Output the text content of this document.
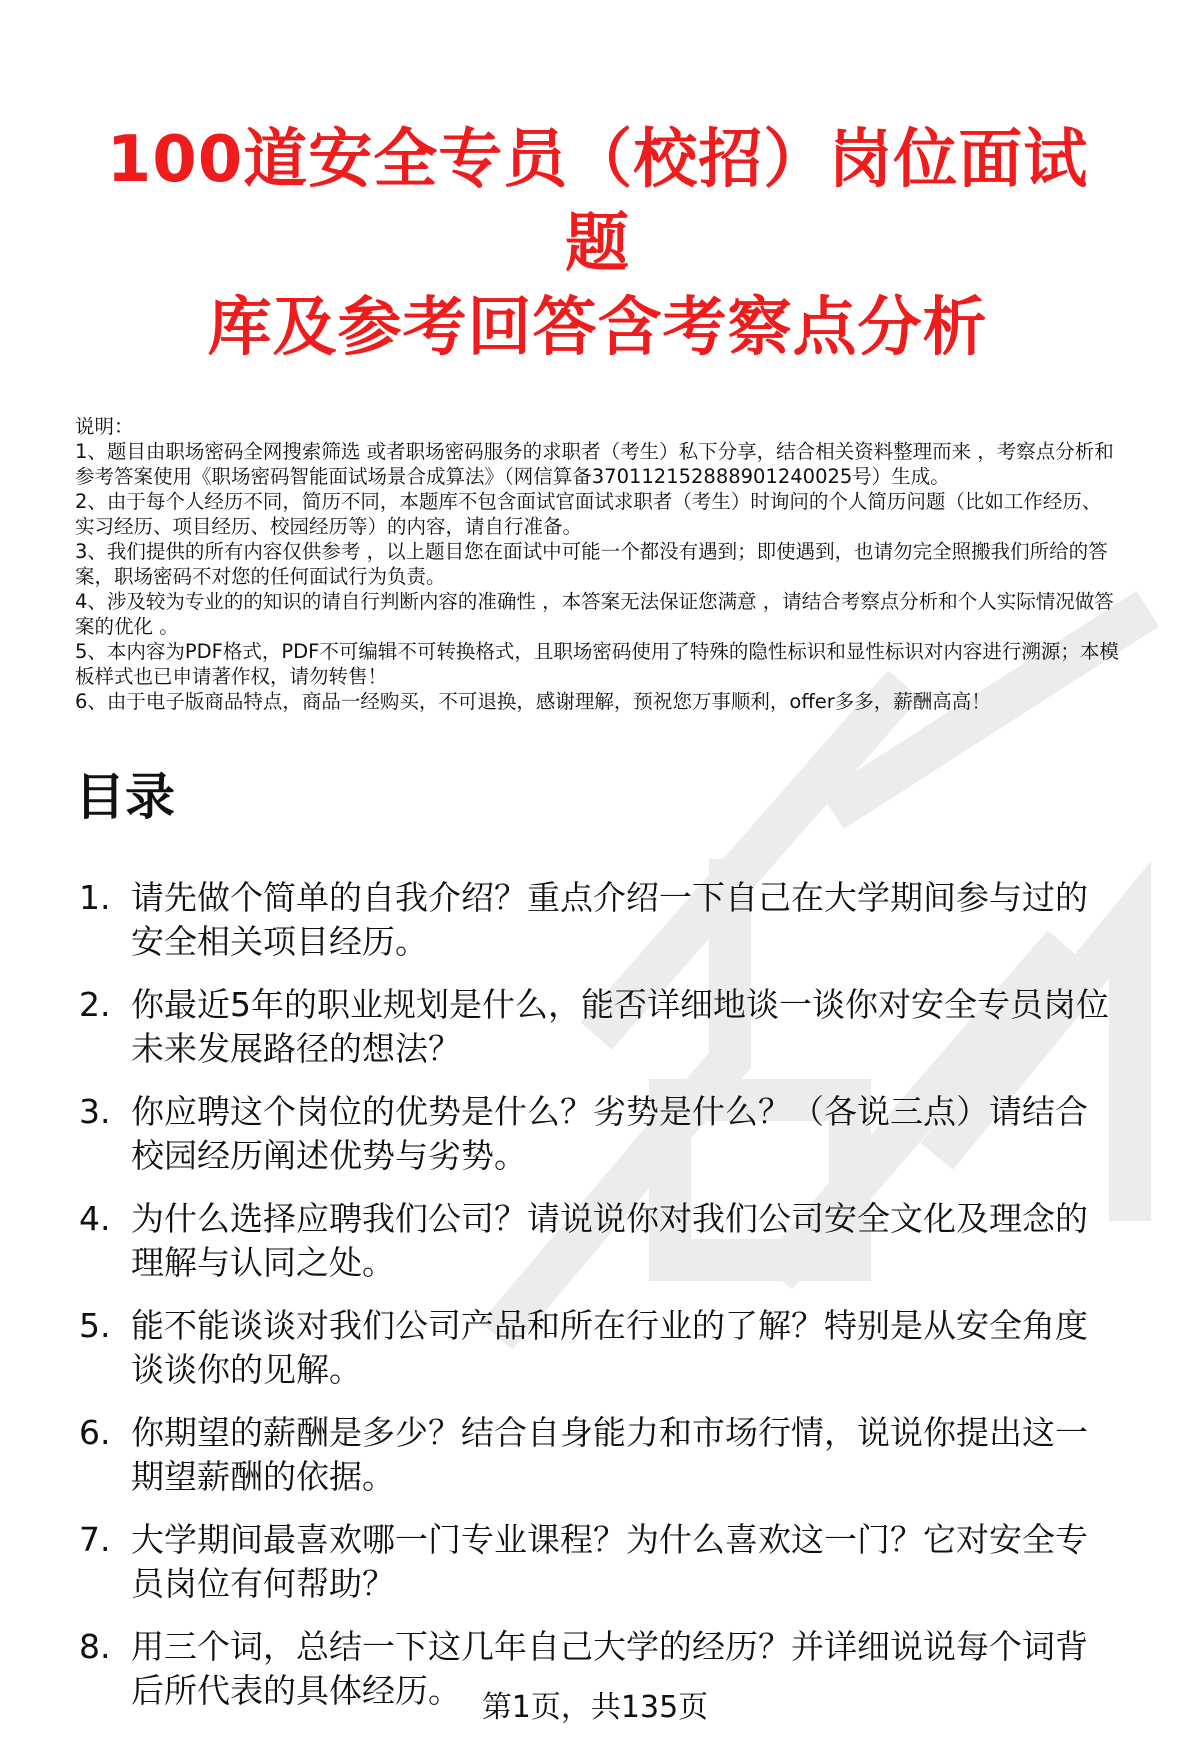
100道安全专员（校招）岗位面试题
库及参考回答含考察点分析

说明：

1、题目由职场密码全网搜索筛选 或者职场密码服务的求职者（考生）私下分享，结合相关资料整理而来 ，考察点分析和参考答案使用《职场密码智能面试场景合成算法》（网信算备370112152888901240025号）生成。

2、由于每个人经历不同，简历不同，本题库不包含面试官面试求职者（考生）时询问的个人简历问题（比如工作经历、实习经历、项目经历、校园经历等）的内容，请自行准备。

3、我们提供的所有内容仅供参考 ，以上题目您在面试中可能一个都没有遇到；即使遇到，也请勿完全照搬我们所给的答案，职场密码不对您的任何面试行为负责。

4、涉及较为专业的的知识的请自行判断内容的准确性 ，本答案无法保证您满意 ，请结合考察点分析和个人实际情况做答案的优化 。

5、本内容为PDF格式，PDF不可编辑不可转换格式，且职场密码使用了特殊的隐性标识和显性标识对内容进行溯源；本模板样式也已申请著作权，请勿转售！

6、由于电子版商品特点，商品一经购买，不可退换，感谢理解，预祝您万事顺利，offer多多，薪酬高高！

目录
1. 请先做个简单的自我介绍？重点介绍一下自己在大学期间参与过的安全相关项目经历。
2. 你最近5年的职业规划是什么，能否详细地谈一谈你对安全专员岗位未来发展路径的想法？
3. 你应聘这个岗位的优势是什么？劣势是什么？（各说三点）请结合校园经历阐述优势与劣势。
4. 为什么选择应聘我们公司？请说说你对我们公司安全文化及理念的理解与认同之处。
5. 能不能谈谈对我们公司产品和所在行业的了解？特别是从安全角度谈谈你的见解。
6. 你期望的薪酬是多少？结合自身能力和市场行情，说说你提出这一期望薪酬的依据。
7. 大学期间最喜欢哪一门专业课程？为什么喜欢这一门？它对安全专员岗位有何帮助？
8. 用三个词，总结一下这几年自己大学的经历？并详细说说每个词背后所代表的具体经历。 第1页，共135页
